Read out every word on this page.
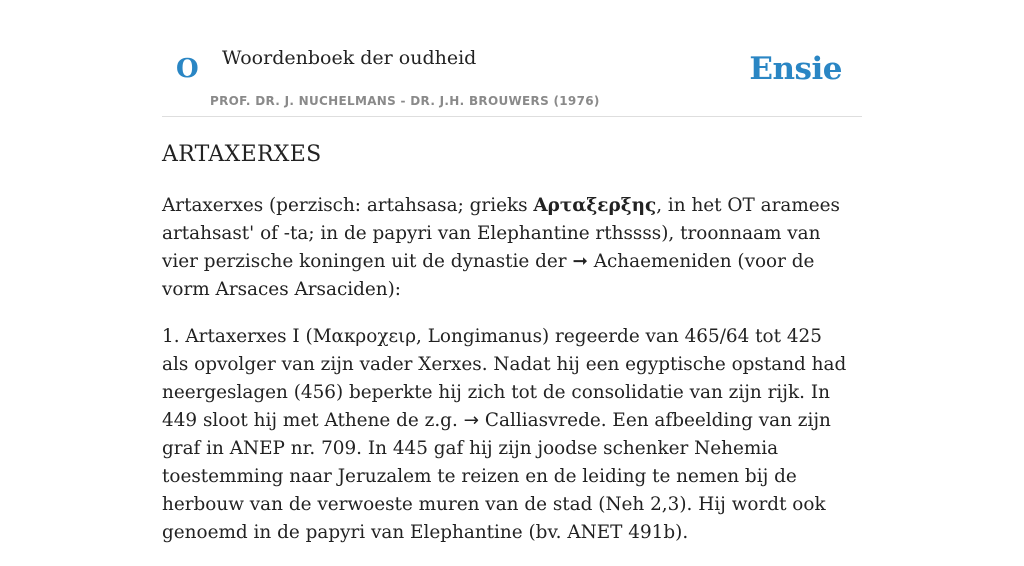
O Woordenboek der oudheid
PROF. DR. J. NUCHELMANS - DR. J.H. BROUWERS (1976)
Ensie
ARTAXERXES

Artaxerxes (perzisch: artahsasa; grieks Αρταξερξης, in het OT aramees artahsast' of -ta; in de papyri van Elephantine rthssss), troonnaam van vier perzische koningen uit de dynastie der ➞ Achaemeniden (voor de vorm Arsaces Arsaciden):

1. Artaxerxes I (Μακροχειρ, Longimanus) regeerde van 465/64 tot 425 als opvolger van zijn vader Xerxes. Nadat hij een egyptische opstand had neergeslagen (456) beperkte hij zich tot de consolidatie van zijn rijk. In 449 sloot hij met Athene de z.g. → Calliasvrede. Een afbeelding van zijn graf in ANEP nr. 709. In 445 gaf hij zijn joodse schenker Nehemia toestemming naar Jeruzalem te reizen en de leiding te nemen bij de herbouw van de verwoeste muren van de stad (Neh 2,3). Hij wordt ook genoemd in de papyri van Elephantine (bv. ANET 491b).
